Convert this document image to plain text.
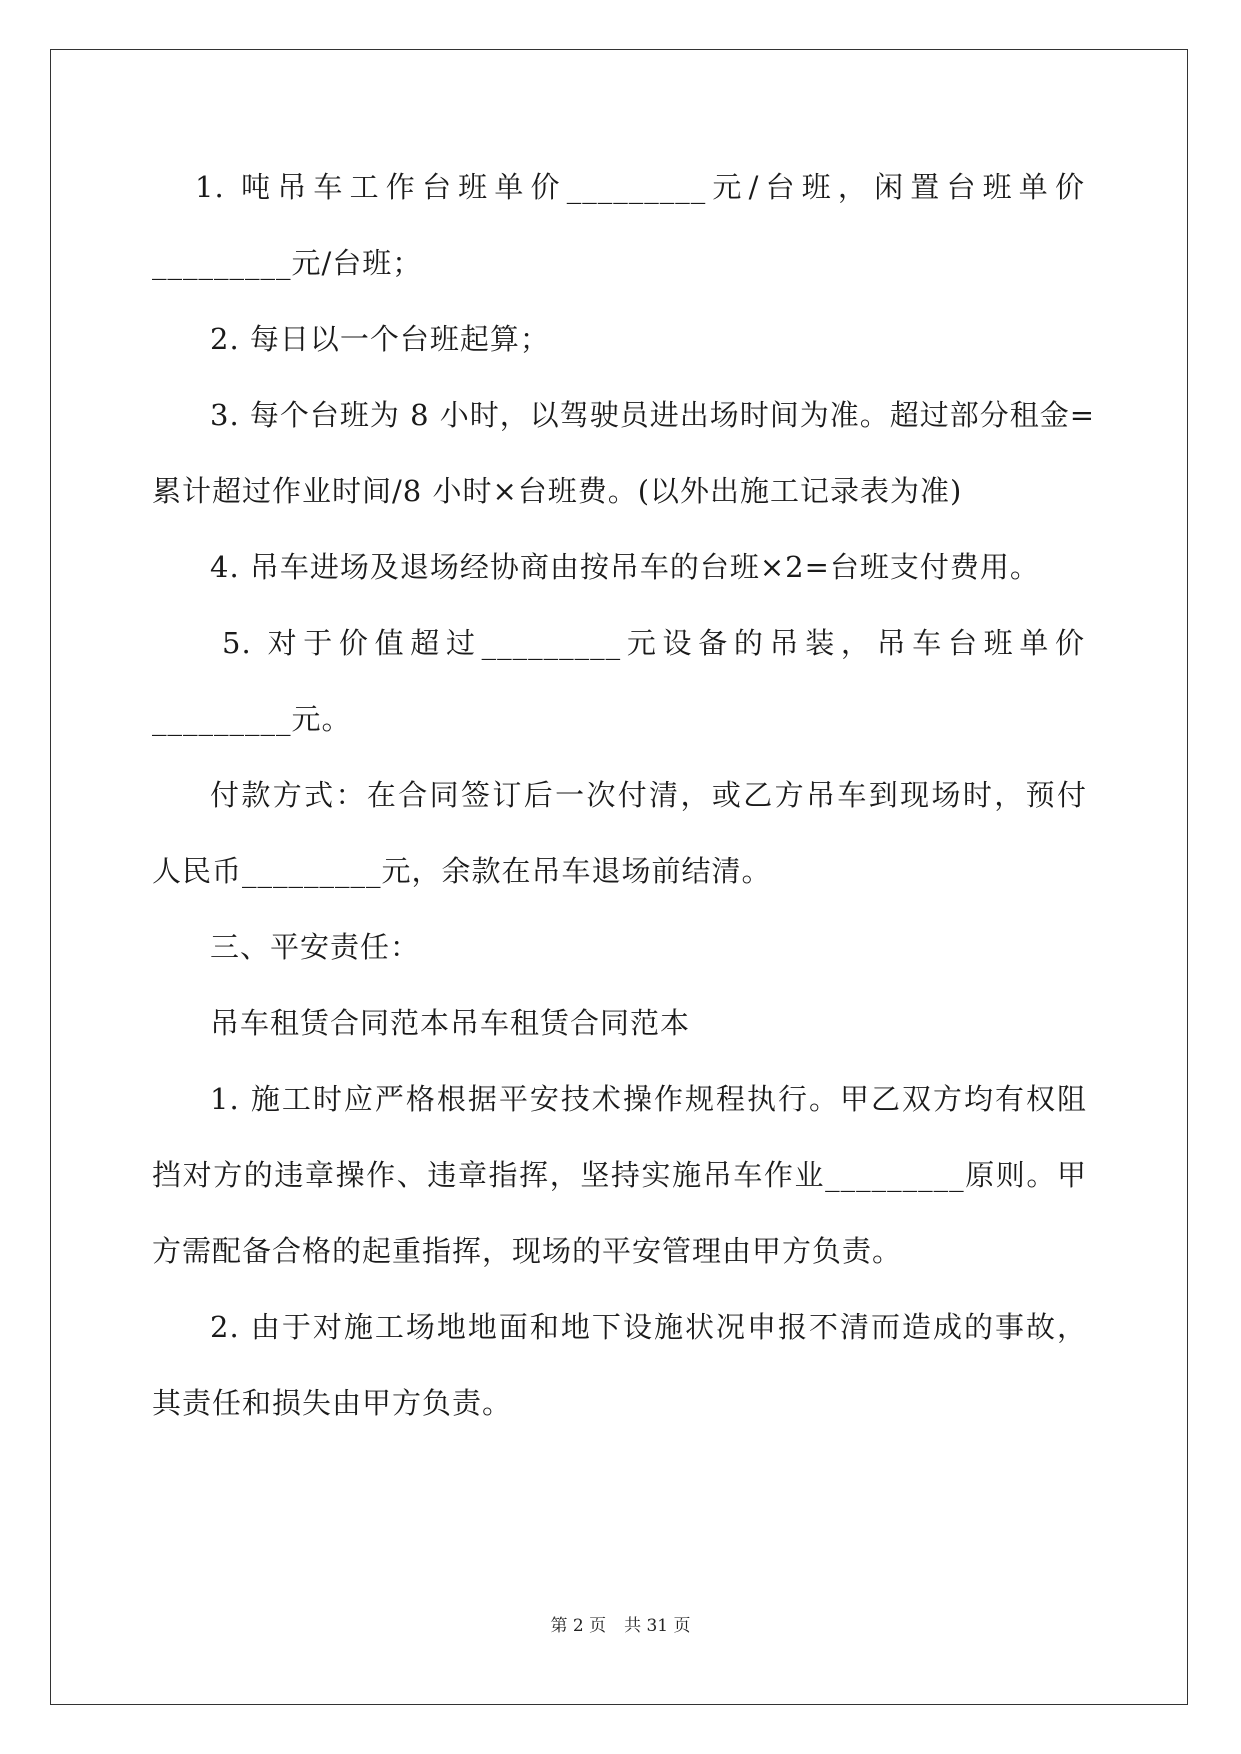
1. 吨吊车工作台班单价_________元/台班，闲置台班单价
_________元/台班；
2. 每日以一个台班起算；
3. 每个台班为 8 小时，以驾驶员进出场时间为准。超过部分租金=
累计超过作业时间/8 小时×台班费。(以外出施工记录表为准)
4. 吊车进场及退场经协商由按吊车的台班×2=台班支付费用。
5. 对于价值超过_________元设备的吊装，吊车台班单价
_________元。
付款方式：在合同签订后一次付清，或乙方吊车到现场时，预付
人民币_________元，余款在吊车退场前结清。
三、平安责任：
吊车租赁合同范本吊车租赁合同范本
1. 施工时应严格根据平安技术操作规程执行。甲乙双方均有权阻
挡对方的违章操作、违章指挥，坚持实施吊车作业_________原则。甲
方需配备合格的起重指挥，现场的平安管理由甲方负责。
2. 由于对施工场地地面和地下设施状况申报不清而造成的事故，
其责任和损失由甲方负责。
第 2 页 共 31 页
